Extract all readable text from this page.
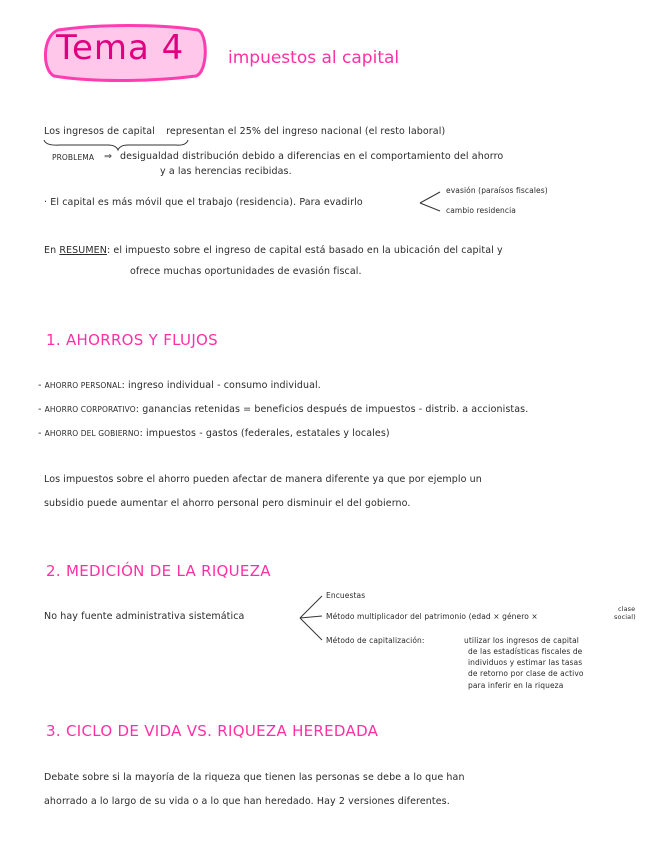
Tema 4	impuestos al capital
Los ingresos de capital representan el 25% del ingreso nacional (el resto laboral)
PROBLEMA ⇒ desigualdad distribución debido a diferencias en el comportamiento del ahorro
y a las herencias recibidas.
· El capital es más móvil que el trabajo (residencia). Para evadirlo
evasión (paraísos fiscales)
cambio residencia
En RESUMEN: el impuesto sobre el ingreso de capital está basado en la ubicación del capital y
ofrece muchas oportunidades de evasión fiscal.
1. AHORROS Y FLUJOS
- AHORRO PERSONAL: ingreso individual - consumo individual.
- AHORRO CORPORATIVO: ganancias retenidas = beneficios después de impuestos - distrib. a accionistas.
- AHORRO DEL GOBIERNO: impuestos - gastos (federales, estatales y locales)
Los impuestos sobre el ahorro pueden afectar de manera diferente ya que por ejemplo un
subsidio puede aumentar el ahorro personal pero disminuir el del gobierno.
2. MEDICIÓN DE LA RIQUEZA
No hay fuente administrativa sistemática
Encuestas
Método multiplicador del patrimonio (edad × género ×
clase
social)
Método de capitalización:	utilizar los ingresos de capital
de las estadísticas fiscales de
individuos y estimar las tasas
de retorno por clase de activo
para inferir en la riqueza
3. CICLO DE VIDA VS. RIQUEZA HEREDADA
Debate sobre si la mayoría de la riqueza que tienen las personas se debe a lo que han
ahorrado a lo largo de su vida o a lo que han heredado. Hay 2 versiones diferentes.
